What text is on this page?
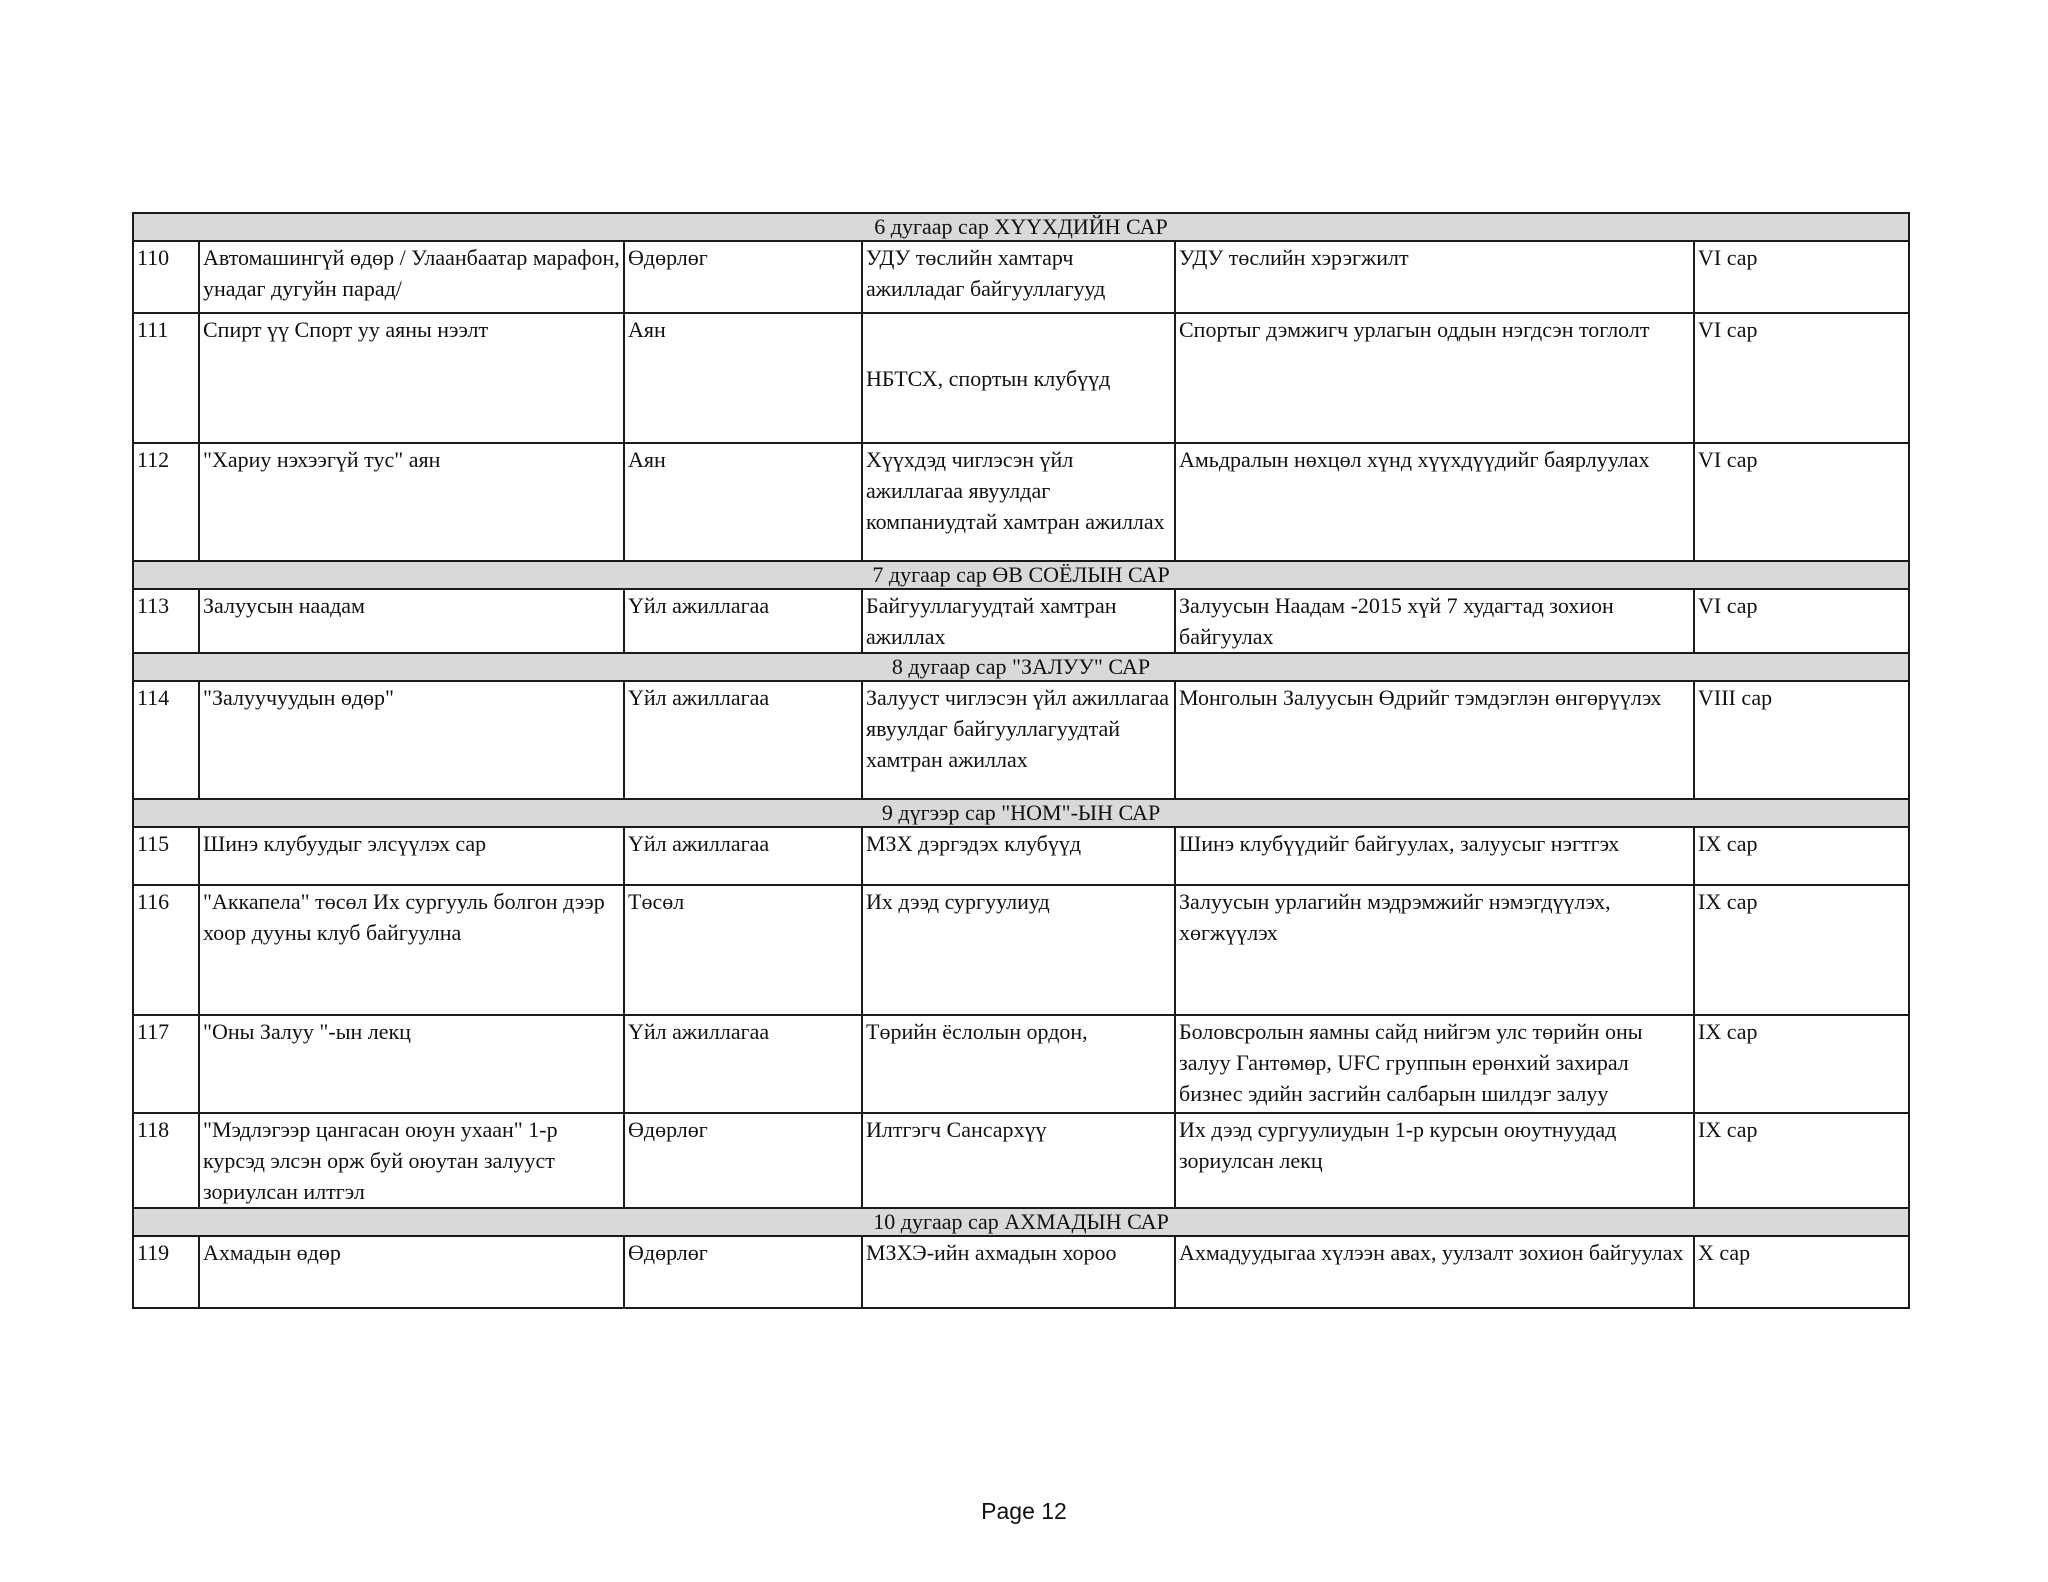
6 дугаар сар ХҮҮХДИЙН САР					
110	Автомашингүй өдөр / Улаанбаатар марафон, унадаг дугуйн парад/	Өдөрлөг	УДУ төслийн хамтарч ажилладаг байгууллагууд	УДУ төслийн хэрэгжилт	VI сар
111	Спирт үү Спорт уу аяны нээлт	Аян	НБТСХ, спортын клубүүд	Спортыг дэмжигч урлагын оддын нэгдсэн тоглолт	VI сар
112	"Хариу нэхээгүй тус" аян	Аян	Хүүхдэд чиглэсэн үйл ажиллагаа явуулдаг компаниудтай хамтран ажиллах	Амьдралын нөхцөл хүнд хүүхдүүдийг баярлуулах	VI сар
7 дугаар сар ӨВ СОЁЛЫН САР					
113	Залуусын наадам	Үйл ажиллагаа	Байгууллагуудтай хамтран ажиллах	Залуусын Наадам -2015 хүй 7 худагтад зохион байгуулах	VI сар
8 дугаар сар "ЗАЛУУ" САР					
114	"Залуучуудын өдөр"	Үйл ажиллагаа	Залууст чиглэсэн үйл ажиллагаа явуулдаг байгууллагуудтай хамтран ажиллах	Монголын Залуусын Өдрийг тэмдэглэн өнгөрүүлэх	VIII сар
9 дүгээр сар "НОМ"-ЫН САР					
115	Шинэ клубуудыг элсүүлэх сар	Үйл ажиллагаа	МЗХ дэргэдэх клубүүд	Шинэ клубүүдийг байгуулах, залуусыг нэгтгэх	IX сар
116	"Аккапела" төсөл Их сургууль болгон дээр хоор дууны клуб байгуулна	Төсөл	Их дээд сургуулиуд	Залуусын урлагийн мэдрэмжийг нэмэгдүүлэх, хөгжүүлэх	IX сар
117	"Оны Залуу "-ын лекц	Үйл ажиллагаа	Төрийн ёслолын ордон,	Боловсролын яамны сайд нийгэм улс төрийн оны залуу Гантөмөр, UFC группын ерөнхий захирал бизнес эдийн засгийн салбарын шилдэг залуу	IX сар
118	"Мэдлэгээр цангасан оюун ухаан" 1-р курсэд элсэн орж буй оюутан залууст зориулсан илтгэл	Өдөрлөг	Илтгэгч Сансархүү	Их дээд сургуулиудын 1-р курсын оюутнуудад зориулсан лекц	IX сар
10 дугаар сар АХМАДЫН САР					
119	Ахмадын өдөр	Өдөрлөг	МЗХЭ-ийн ахмадын хороо	Ахмадуудыгаа хүлээн авах, уулзалт зохион байгуулах	X сар
Page 12
